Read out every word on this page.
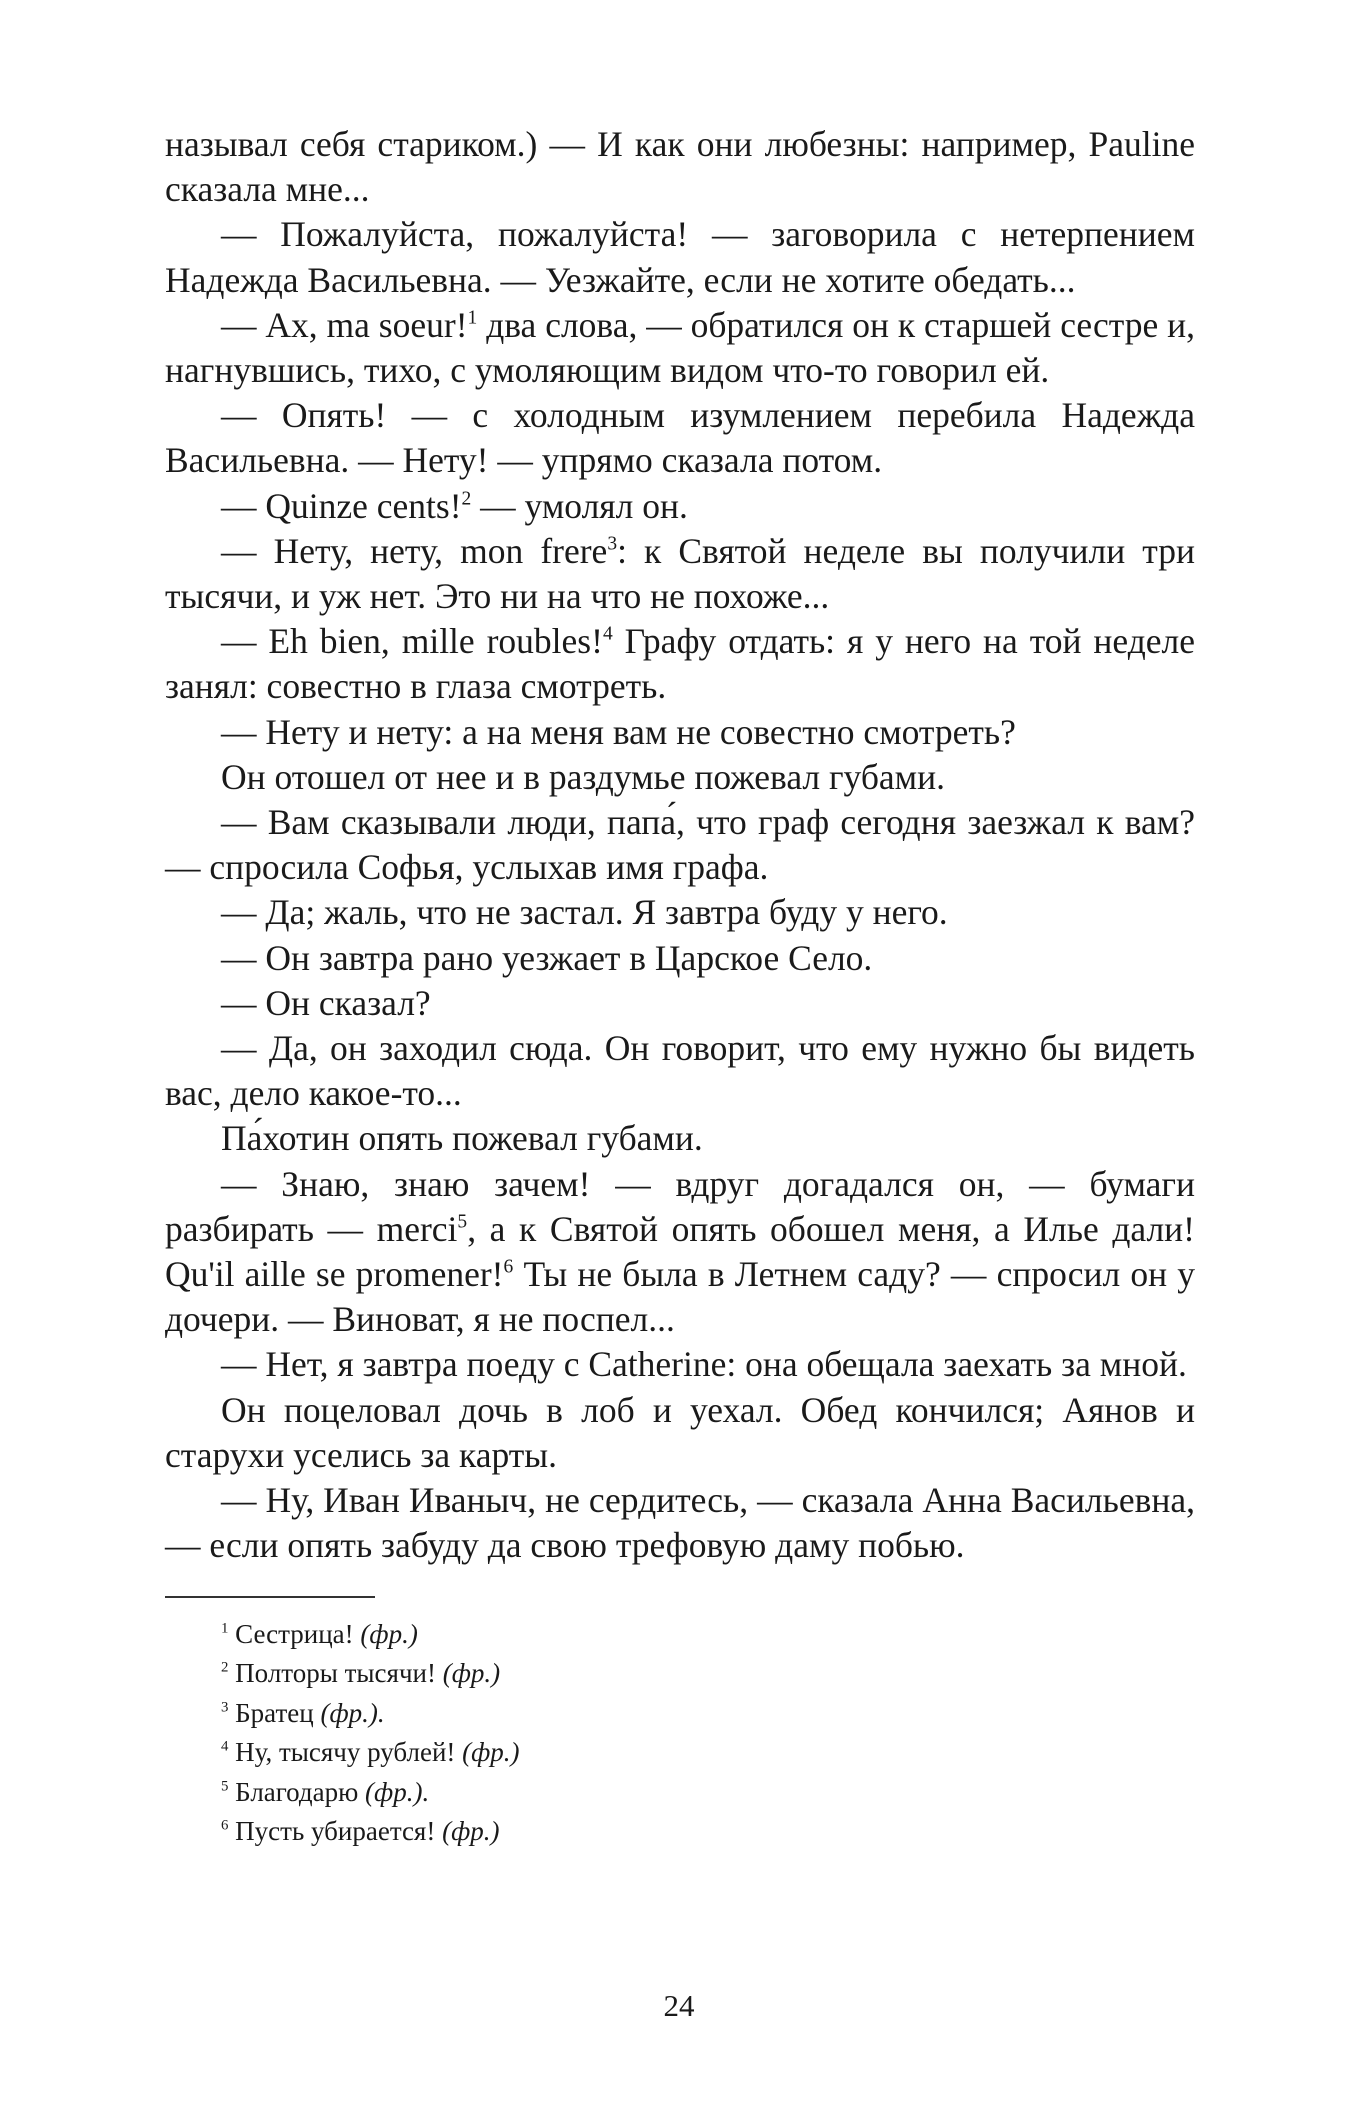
называл себя стариком.) — И как они любезны: например, Pauline сказала мне...

— Пожалуйста, пожалуйста! — заговорила с нетерпением Надежда Васильевна. — Уезжайте, если не хотите обедать...

— Ах, ma soeur!$^1$ два слова, — обратился он к старшей сестре и, нагнувшись, тихо, с умоляющим видом что-то говорил ей.

— Опять! — с холодным изумлением перебила Надежда Васильевна. — Нету! — упрямо сказала потом.

— Quinze cents!$^2$ — умолял он.

— Нету, нету, mon frere$^3$: к Святой неделе вы получили три тысячи, и уж нет. Это ни на что не похоже...

— Eh bien, mille roubles!$^4$ Графу отдать: я у него на той неделе занял: совестно в глаза смотреть.

— Нету и нету: а на меня вам не совестно смотреть?

Он отошел от нее и в раздумье пожевал губами.

— Вам сказывали люди, папа́, что граф сегодня заезжал к вам? — спросила Софья, услыхав имя графа.

— Да; жаль, что не застал. Я завтра буду у него.

— Он завтра рано уезжает в Царское Село.

— Он сказал?

— Да, он заходил сюда. Он говорит, что ему нужно бы видеть вас, дело какое-то...

Па́хотин опять пожевал губами.

— Знаю, знаю зачем! — вдруг догадался он, — бумаги разбирать — merci$^5$, а к Святой опять обошел меня, а Илье дали! Qu'il aille se promener!$^6$ Ты не была в Летнем саду? — спросил он у дочери. — Виноват, я не поспел...

— Нет, я завтра поеду с Catherine: она обещала заехать за мной.

Он поцеловал дочь в лоб и уехал. Обед кончился; Аянов и старухи уселись за карты.

— Ну, Иван Иваныч, не сердитесь, — сказала Анна Васильевна, — если опять забуду да свою трефовую даму побью.

$^1$ Сестрица! (фр.)
$^2$ Полторы тысячи! (фр.)
$^3$ Братец (фр.).
$^4$ Ну, тысячу рублей! (фр.)
$^5$ Благодарю (фр.).
$^6$ Пусть убирается! (фр.)
24
